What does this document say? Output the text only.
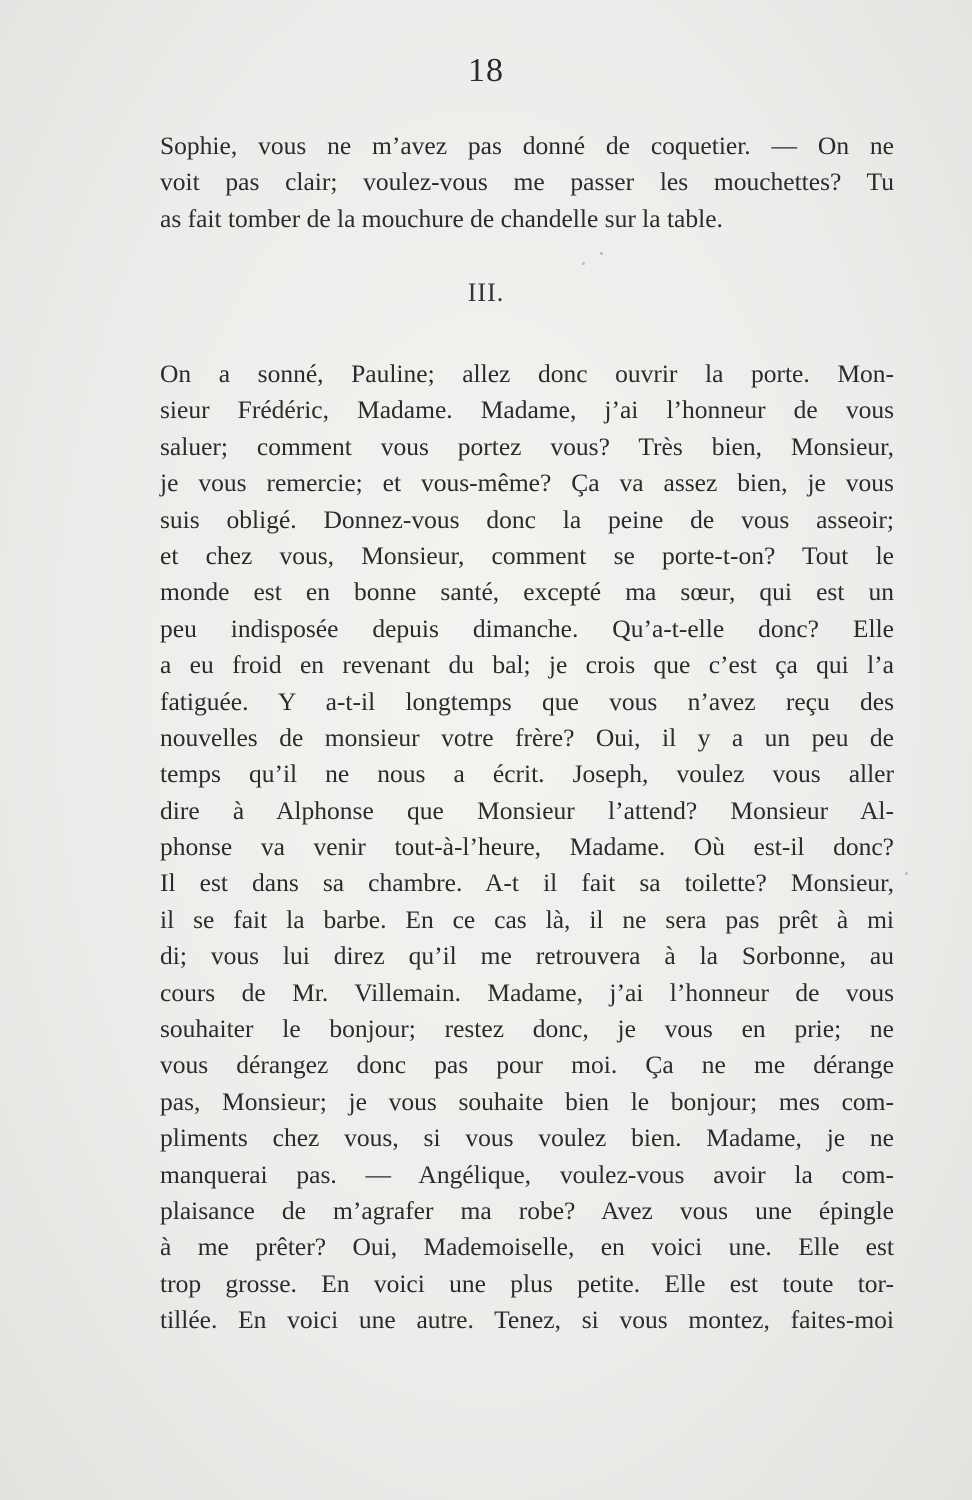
18
Sophie, vous ne m’avez pas donné de coquetier. — On ne
voit pas clair; voulez-vous me passer les mouchettes? Tu
as fait tomber de la mouchure de chandelle sur la table.
III.
On a sonné, Pauline; allez donc ouvrir la porte. Mon-
sieur Frédéric, Madame. Madame, j’ai l’honneur de vous
saluer; comment vous portez vous? Très bien, Monsieur,
je vous remercie; et vous-même? Ça va assez bien, je vous
suis obligé. Donnez-vous donc la peine de vous asseoir;
et chez vous, Monsieur, comment se porte-t-on? Tout le
monde est en bonne santé, excepté ma sœur, qui est un
peu indisposée depuis dimanche. Qu’a-t-elle donc? Elle
a eu froid en revenant du bal; je crois que c’est ça qui l’a
fatiguée. Y a-t-il longtemps que vous n’avez reçu des
nouvelles de monsieur votre frère? Oui, il y a un peu de
temps qu’il ne nous a écrit. Joseph, voulez vous aller
dire à Alphonse que Monsieur l’attend? Monsieur Al-
phonse va venir tout-à-l’heure, Madame. Où est-il donc?
Il est dans sa chambre. A-t il fait sa toilette? Monsieur,
il se fait la barbe. En ce cas là, il ne sera pas prêt à mi
di; vous lui direz qu’il me retrouvera à la Sorbonne, au
cours de Mr. Villemain. Madame, j’ai l’honneur de vous
souhaiter le bonjour; restez donc, je vous en prie; ne
vous dérangez donc pas pour moi. Ça ne me dérange
pas, Monsieur; je vous souhaite bien le bonjour; mes com-
pliments chez vous, si vous voulez bien. Madame, je ne
manquerai pas. — Angélique, voulez-vous avoir la com-
plaisance de m’agrafer ma robe? Avez vous une épingle
à me prêter? Oui, Mademoiselle, en voici une. Elle est
trop grosse. En voici une plus petite. Elle est toute tor-
tillée. En voici une autre. Tenez, si vous montez, faites-moi
